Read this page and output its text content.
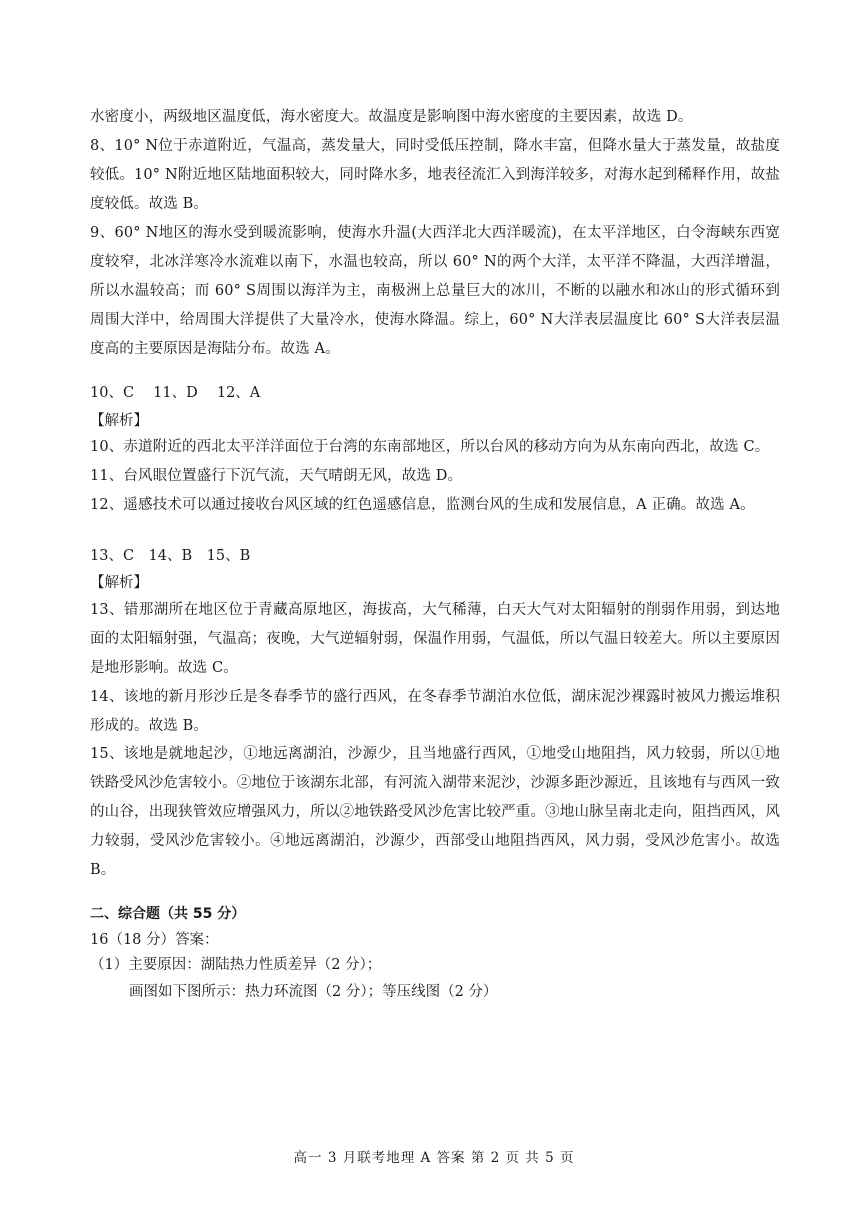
水密度小，两级地区温度低，海水密度大。故温度是影响图中海水密度的主要因素，故选 D。
8、10° N位于赤道附近，气温高，蒸发量大，同时受低压控制，降水丰富，但降水量大于蒸发量，故盐度较低。10° N附近地区陆地面积较大，同时降水多，地表径流汇入到海洋较多，对海水起到稀释作用，故盐度较低。故选 B。
9、60° N地区的海水受到暖流影响，使海水升温(大西洋北大西洋暖流)，在太平洋地区，白令海峡东西宽度较窄，北冰洋寒冷水流难以南下，水温也较高，所以 60° N的两个大洋，太平洋不降温，大西洋增温，所以水温较高；而 60° S周围以海洋为主，南极洲上总量巨大的冰川，不断的以融水和冰山的形式循环到周围大洋中，给周围大洋提供了大量冷水，使海水降温。综上，60° N大洋表层温度比 60° S大洋表层温度高的主要原因是海陆分布。故选 A。
10、C　 11、D　 12、A
【解析】
10、赤道附近的西北太平洋洋面位于台湾的东南部地区，所以台风的移动方向为从东南向西北，故选 C。
11、台风眼位置盛行下沉气流，天气晴朗无风，故选 D。
12、遥感技术可以通过接收台风区域的红色遥感信息，监测台风的生成和发展信息，A 正确。故选 A。
13、C　14、B　15、B
【解析】
13、错那湖所在地区位于青藏高原地区，海拔高，大气稀薄，白天大气对太阳辐射的削弱作用弱，到达地面的太阳辐射强，气温高；夜晚，大气逆辐射弱，保温作用弱，气温低，所以气温日较差大。所以主要原因是地形影响。故选 C。
14、该地的新月形沙丘是冬春季节的盛行西风，在冬春季节湖泊水位低，湖床泥沙裸露时被风力搬运堆积形成的。故选 B。
15、该地是就地起沙，①地远离湖泊，沙源少，且当地盛行西风，①地受山地阻挡，风力较弱，所以①地铁路受风沙危害较小。②地位于该湖东北部，有河流入湖带来泥沙，沙源多距沙源近，且该地有与西风一致的山谷，出现狭管效应增强风力，所以②地铁路受风沙危害比较严重。③地山脉呈南北走向，阻挡西风，风力较弱，受风沙危害较小。④地远离湖泊，沙源少，西部受山地阻挡西风，风力弱，受风沙危害小。故选 B。
二、综合题（共 55 分）
16（18 分）答案：
（1）主要原因：湖陆热力性质差异（2 分）；
画图如下图所示：热力环流图（2 分）；等压线图（2 分）
高一 3 月联考地理 A 答案 第 2 页 共 5 页
